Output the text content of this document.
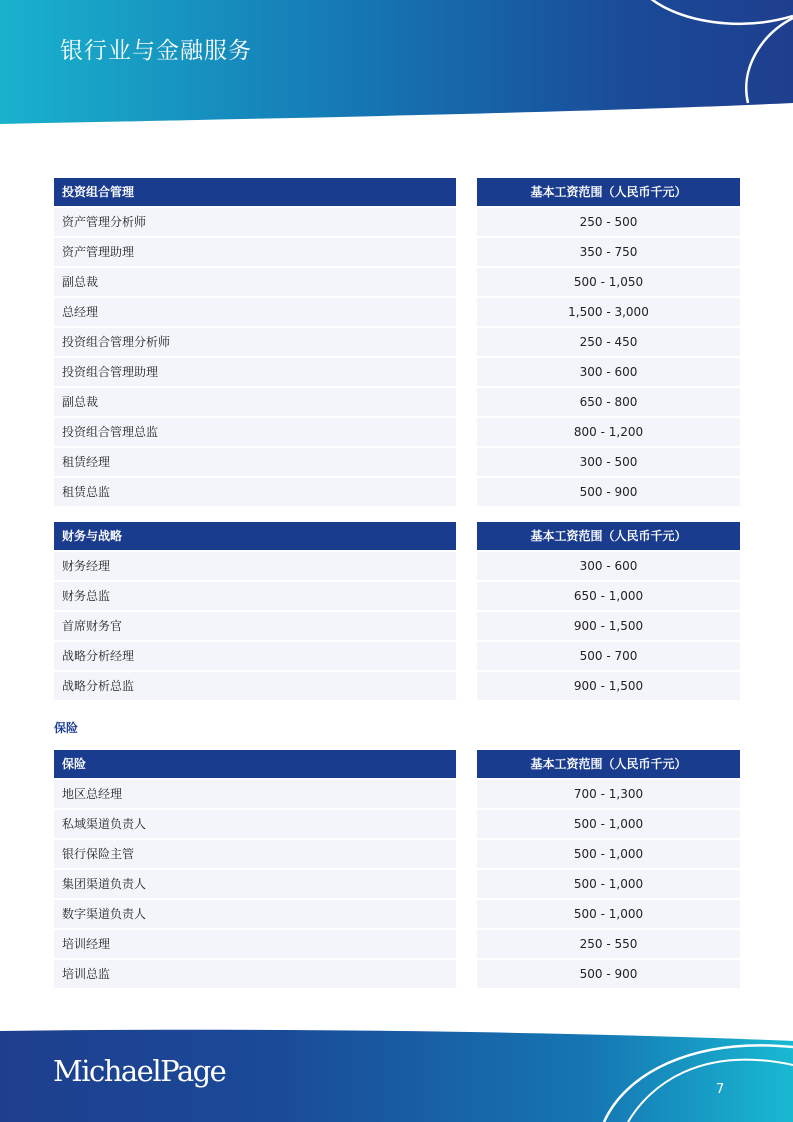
银行业与金融服务
投资组合管理
资产管理分析师
资产管理助理
副总裁
总经理
投资组合管理分析师
投资组合管理助理
副总裁
投资组合管理总监
租赁经理
租赁总监
基本工资范围（人民币千元）
250 - 500
350 - 750
500 - 1,050
1,500 - 3,000
250 - 450
300 - 600
650 - 800
800 - 1,200
300 - 500
500 - 900
财务与战略
财务经理
财务总监
首席财务官
战略分析经理
战略分析总监
基本工资范围（人民币千元）
300 - 600
650 - 1,000
900 - 1,500
500 - 700
900 - 1,500
保险
保险
地区总经理
私域渠道负责人
银行保险主管
集团渠道负责人
数字渠道负责人
培训经理
培训总监
基本工资范围（人民币千元）
700 - 1,300
500 - 1,000
500 - 1,000
500 - 1,000
500 - 1,000
250 - 550
500 - 900
MichaelPage
7
